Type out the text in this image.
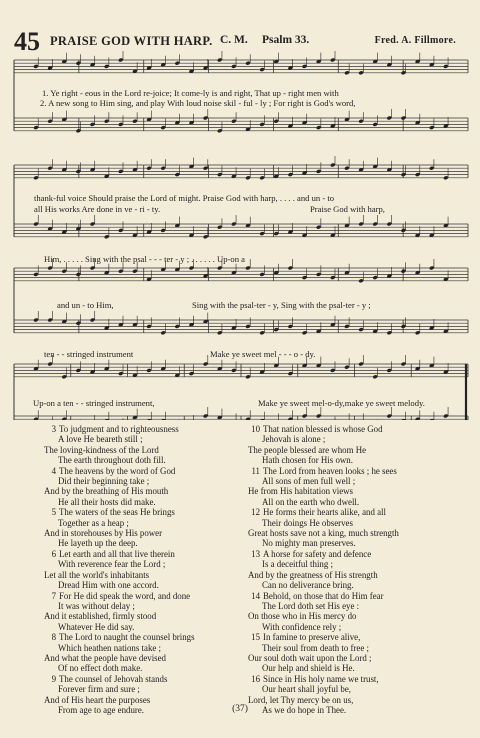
45 PRAISE GOD WITH HARP. C. M. Psalm 33.	Fred. A. Fillmore.
1. Ye right - eous in the Lord re-joice; It come-ly is and right, That up - right men with
2. A new song to Him sing, and play With loud noise skil - ful - ly ; For right is God's word,
thank-ful voice Should praise the Lord of might. Praise God with harp, . . . . and un - to
all His works Are done in ve - ri - ty.	Praise God with harp,
Him, . . . . . Sing with the psal - - - ter - y ; . . . . . . Up-on a
and un - to Him,	Sing with the psal-ter - y, Sing with the psal-ter - y ;
ten - - stringed instrument	Make ye sweet mel - - - o - dy.
Up-on a ten - - stringed instrument,	Make ye sweet mel-o-dy,make ye sweet melody.
3 To judgment and to righteousness
A love He beareth still ;
The loving-kindness of the Lord
The earth throughout doth fill.
4 The heavens by the word of God
Did their beginning take ;
And by the breathing of His mouth
He all their hosts did make.
5 The waters of the seas He brings
Together as a heap ;
And in storehouses by His power
He layeth up the deep.
6 Let earth and all that live therein
With reverence fear the Lord ;
Let all the world's inhabitants
Dread Him with one accord.
7 For He did speak the word, and done
It was without delay ;
And it established, firmly stood
Whatever He did say.
8 The Lord to naught the counsel brings
Which heathen nations take ;
And what the people have devised
Of no effect doth make.
9 The counsel of Jehovah stands
Forever firm and sure ;
And of His heart the purposes
From age to age endure.
10 That nation blessed is whose God
Jehovah is alone ;
The people blessed are whom He
Hath chosen for His own.
11 The Lord from heaven looks ; he sees
All sons of men full well ;
He from His habitation views
All on the earth who dwell.
12 He forms their hearts alike, and all
Their doings He observes
Great hosts save not a king, much strength
No mighty man preserves.
13 A horse for safety and defence
Is a deceitful thing ;
And by the greatness of His strength
Can no deliverance bring.
14 Behold, on those that do Him fear
The Lord doth set His eye :
On those who in His mercy do
With confidence rely ;
15 In famine to preserve alive,
Their soul from death to free ;
Our soul doth wait upon the Lord ;
Our help and shield is He.
16 Since in His holy name we trust,
Our heart shall joyful be,
Lord, let Thy mercy be on us,
As we do hope in Thee.
(37)
